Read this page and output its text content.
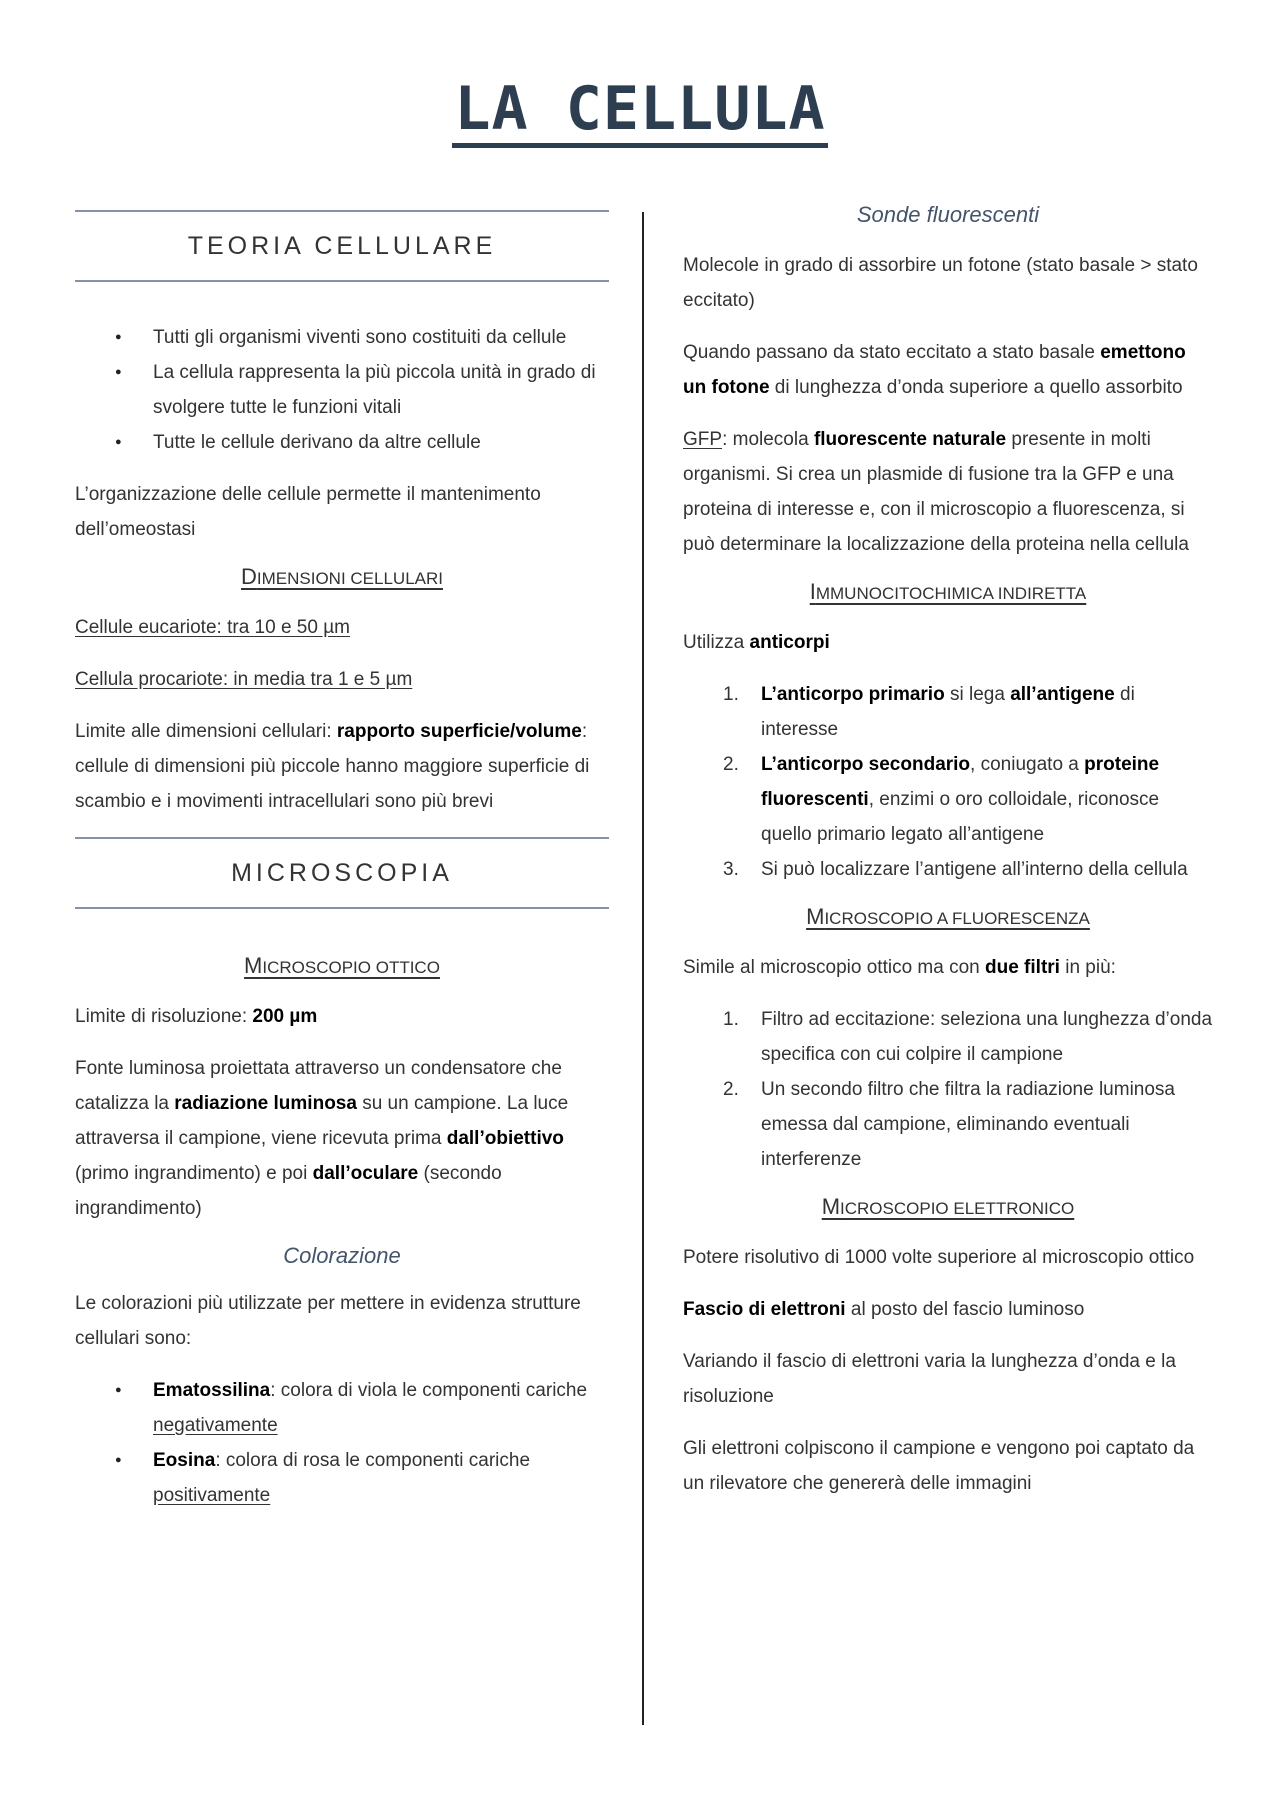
LA CELLULA
TEORIA CELLULARE
● Tutti gli organismi viventi sono costituiti da cellule
● La cellula rappresenta la più piccola unità in grado di svolgere tutte le funzioni vitali
● Tutte le cellule derivano da altre cellule

L’organizzazione delle cellule permette il mantenimento dell’omeostasi

DIMENSIONI CELLULARI

Cellule eucariote: tra 10 e 50 µm

Cellula procariote: in media tra 1 e 5 µm

Limite alle dimensioni cellulari: rapporto superficie/volume: cellule di dimensioni più piccole hanno maggiore superficie di scambio e i movimenti intracellulari sono più brevi

MICROSCOPIA
MICROSCOPIO OTTICO

Limite di risoluzione: 200 µm

Fonte luminosa proiettata attraverso un condensatore che catalizza la radiazione luminosa su un campione. La luce attraversa il campione, viene ricevuta prima dall’obiettivo (primo ingrandimento) e poi dall’oculare (secondo ingrandimento)

Colorazione

Le colorazioni più utilizzate per mettere in evidenza strutture cellulari sono:

● Ematossilina: colora di viola le componenti cariche negativamente
● Eosina: colora di rosa le componenti cariche positivamente
Sonde fluorescenti

Molecole in grado di assorbire un fotone (stato basale > stato eccitato)

Quando passano da stato eccitato a stato basale emettono un fotone di lunghezza d’onda superiore a quello assorbito

GFP: molecola fluorescente naturale presente in molti organismi. Si crea un plasmide di fusione tra la GFP e una proteina di interesse e, con il microscopio a fluorescenza, si può determinare la localizzazione della proteina nella cellula

IMMUNOCITOCHIMICA INDIRETTA

Utilizza anticorpi

1. L’anticorpo primario si lega all’antigene di interesse
2. L’anticorpo secondario, coniugato a proteine fluorescenti, enzimi o oro colloidale, riconosce quello primario legato all’antigene
3. Si può localizzare l’antigene all’interno della cellula
MICROSCOPIO A FLUORESCENZA

Simile al microscopio ottico ma con due filtri in più:

1. Filtro ad eccitazione: seleziona una lunghezza d’onda specifica con cui colpire il campione
2. Un secondo filtro che filtra la radiazione luminosa emessa dal campione, eliminando eventuali interferenze
MICROSCOPIO ELETTRONICO

Potere risolutivo di 1000 volte superiore al microscopio ottico

Fascio di elettroni al posto del fascio luminoso

Variando il fascio di elettroni varia la lunghezza d’onda e la risoluzione

Gli elettroni colpiscono il campione e vengono poi captato da un rilevatore che genererà delle immagini
